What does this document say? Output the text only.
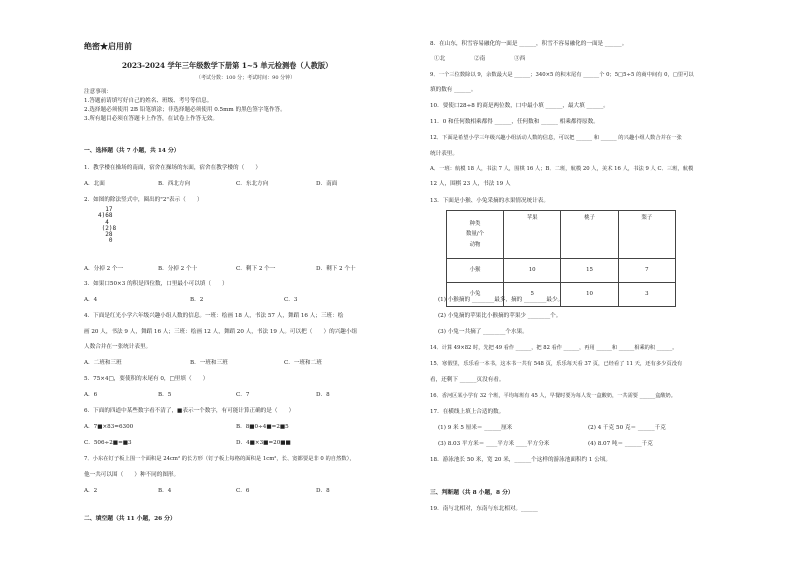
绝密★启用前
2023-2024 学年三年级数学下册第 1~5 单元检测卷（人教版）
（考试分数：100 分；考试时间：90 分钟）
注意事项：
1.答题前请填写好自己的姓名、班级、考号等信息。
2.选择题必须使用 2B 铅笔填涂；非选择题必须使用 0.5mm 的黑色签字笔作答。
3.所有题目必须在答题卡上作答，在试卷上作答无效。
一、选择题（共 7 小题，共 14 分）
1．教学楼在操场的南面，宿舍在操场的东面，宿舍在教学楼的（　　）
A．北面	B．西北方向	C．东北方向	D．南面
2．如图的除法竖式中，圈出的"2"表示（　　）
17
4)68
4
(2)8
28
0
A．分掉 2 个一	B．分掉 2 个十	C．剩下 2 个一	D．剩下 2 个十
3．如果口50×3 的积是四位数，口里最小可以填（　　）
A．4	B．2	C．3
4．下面是红光小学六年级兴趣小组人数的信息。一班：绘画 18 人，书法 57 人，舞蹈 16 人；三班：绘
画 20 人，书法 9 人，舞蹈 16 人；三班：绘画 12 人，舞蹈 20 人，书法 19 人。可以把（　　）的兴趣小组
人数合并在一张统计表里。
A．二班和三班	B．一班和三班	C．一班和二班
5．75×4□，要使积的末尾有 0，□里填（　　）
A．6	B．5	C．7	D．8
6．下面的四道中某些数字看不清了，■表示一个数字，有可能计算正确的是（　　）
A．7■×83=6300	B．8■0÷4■=2■5
C．506÷2■=■3	D．4■×3■=20■■
7．小东在钉子板上围一个面积是 24cm² 的长方形（钉子板上每格的面积是 1cm²，长、宽都要是非 0 的自然数），
他一共可以围（　　）种不同的图形。
A．2	B．4	C．6	D．8
二、填空题（共 11 小题，26 分）
8．在山东，积雪容易融化的一面是 ______，积雪不容易融化的一面是 ______。
①北	②南	③西
9．一个三位数除以 9，余数最大是 ______；340×5 的积末尾有 ______个 0；5□5÷5 的商中间有 0，□里可以
填的数有 ______。
10．要使口28÷8 的商是两位数，口中最小填 ______，最大填 ______。
11．0 和任何数相乘都得 ______，任何数和 ______ 相乘都得原数。
12．下面是希望小学三年级兴趣小组活动人数的信息，可以把 ______ 和 ______ 的兴趣小组人数合并在一张
统计表里。
A．一班：航模 18 人，书法 7 人，围棋 16 人；B．二班，航模 20 人，美术 16 人，书法 9 人 C．三班，航模
12 人，围棋 23 人，书法 19 人
13．下面是小猴、小兔采摘的水果情况统计表。
种类
数量/个
动物	苹果	桃子	梨子
小猴	10	15	7
小兔	5	10	3
(1) 小猴摘的 ________最多，摘的 ________最少。
(2) 小兔摘的苹果比小猴摘的苹果少 ________个。
(3) 小兔一共摘了 ________个水果。
14．计算 49×82 时，先把 49 看作 ______，把 82 看作 ______，再用 ______和 ______相乘的积 ______。
15．寒假里，乐乐看一本书，这本书一共有 548 页，乐乐每天看 37 页，已经看了 11 天，还有多少页没有
看，还剩下 ______页没有看。
16．香河区某小学有 32 个班，平均每班有 45 人，早餐时要为每人发一盒酸奶，一共需要 ______盒酸奶。
17．在横线上填上合适的数。
(1) 9 米 5 厘米＝ ______厘米	(2) 4 千克 50 克＝ ______千克
(3) 8.03 平方米＝ ____平方米 ____平方分米	(4) 8.07 吨＝ ______千克
18．游泳池长 50 米，宽 20 米，______个这样的游泳池面积约 1 公顷。
三、判断题（共 8 小题，8 分）
19．南与北相对，东南与东北相对。______
